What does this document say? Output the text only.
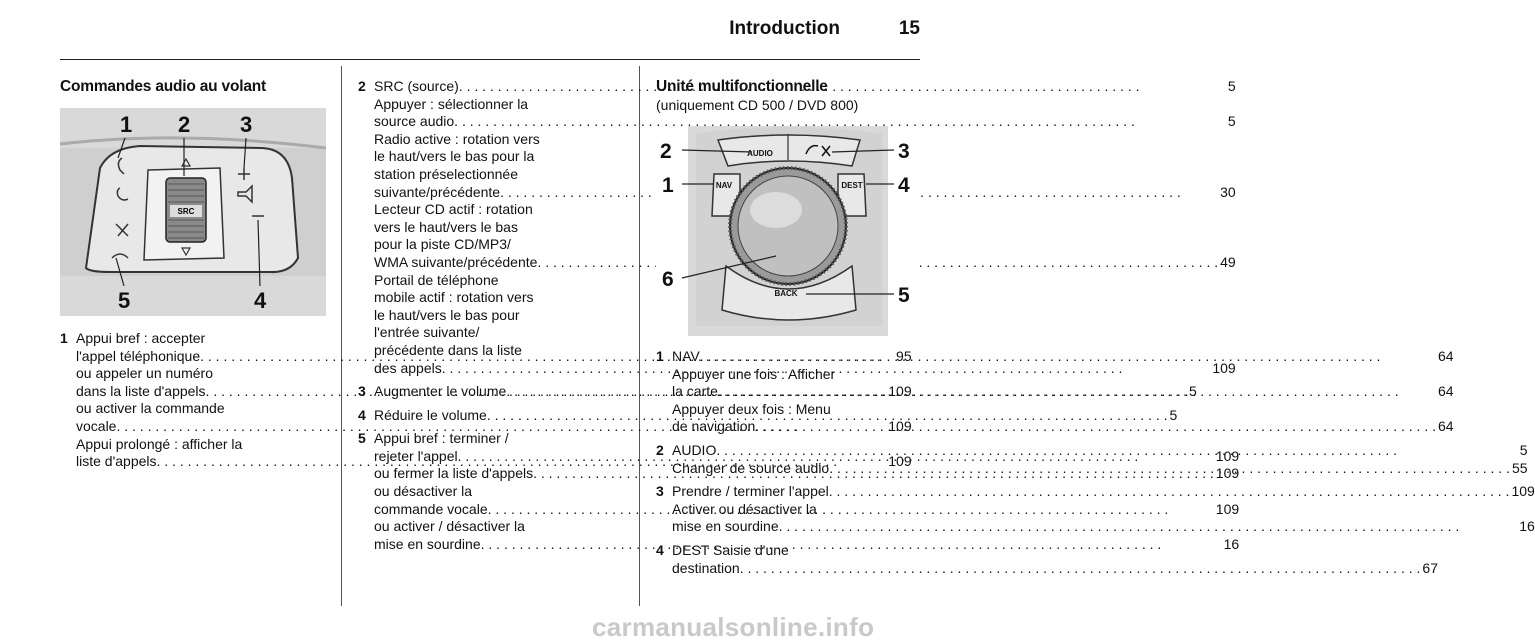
Introduction	15
Commandes audio au volant
SRC
1 2 3
5	4
1 Appui bref : accepter
l'appel téléphonique . . .	95
ou appeler un numéro
dans la liste d'appels . . .	109
ou activer la commande
vocale . . .	109
Appui prolongé : afficher la
liste d'appels . . .	109
2 SRC (source) . . .	5
Appuyer : sélectionner la
source audio . . .	5
Radio active : rotation vers
le haut/vers le bas pour la
station préselectionnée
suivante/précédente . . .	30
Lecteur CD actif : rotation
vers le haut/vers le bas
pour la piste CD/MP3/
WMA suivante/précédente . . .	49
Portail de téléphone
mobile actif : rotation vers
le haut/vers le bas pour
l'entrée suivante/
précédente dans la liste
des appels . . .	109
3 Augmenter le volume . . .	5
4 Réduire le volume . . .	5
5 Appui bref : terminer /
rejeter l'appel . . .	109
ou fermer la liste d'appels . . .	109
ou désactiver la
commande vocale . . .	109
ou activer / désactiver la
mise en sourdine . . .	16
Unité multifonctionnelle
(uniquement CD 500 / DVD 800)
AUDIO
NAV	DEST
BACK
2	3
1	4
6
5
1 NAV . . .	64
Appuyer une fois : Afficher
la carte . . .	64
Appuyer deux fois : Menu
de navigation . . .	64
2 AUDIO . . .	5
Changer de source audio . . .	55
3 Prendre / terminer l'appel . . .	109
Activer ou désactiver la
mise en sourdine . . .	16
4 DEST Saisie d'une
destination . . .	67
carmanualsonline.info
